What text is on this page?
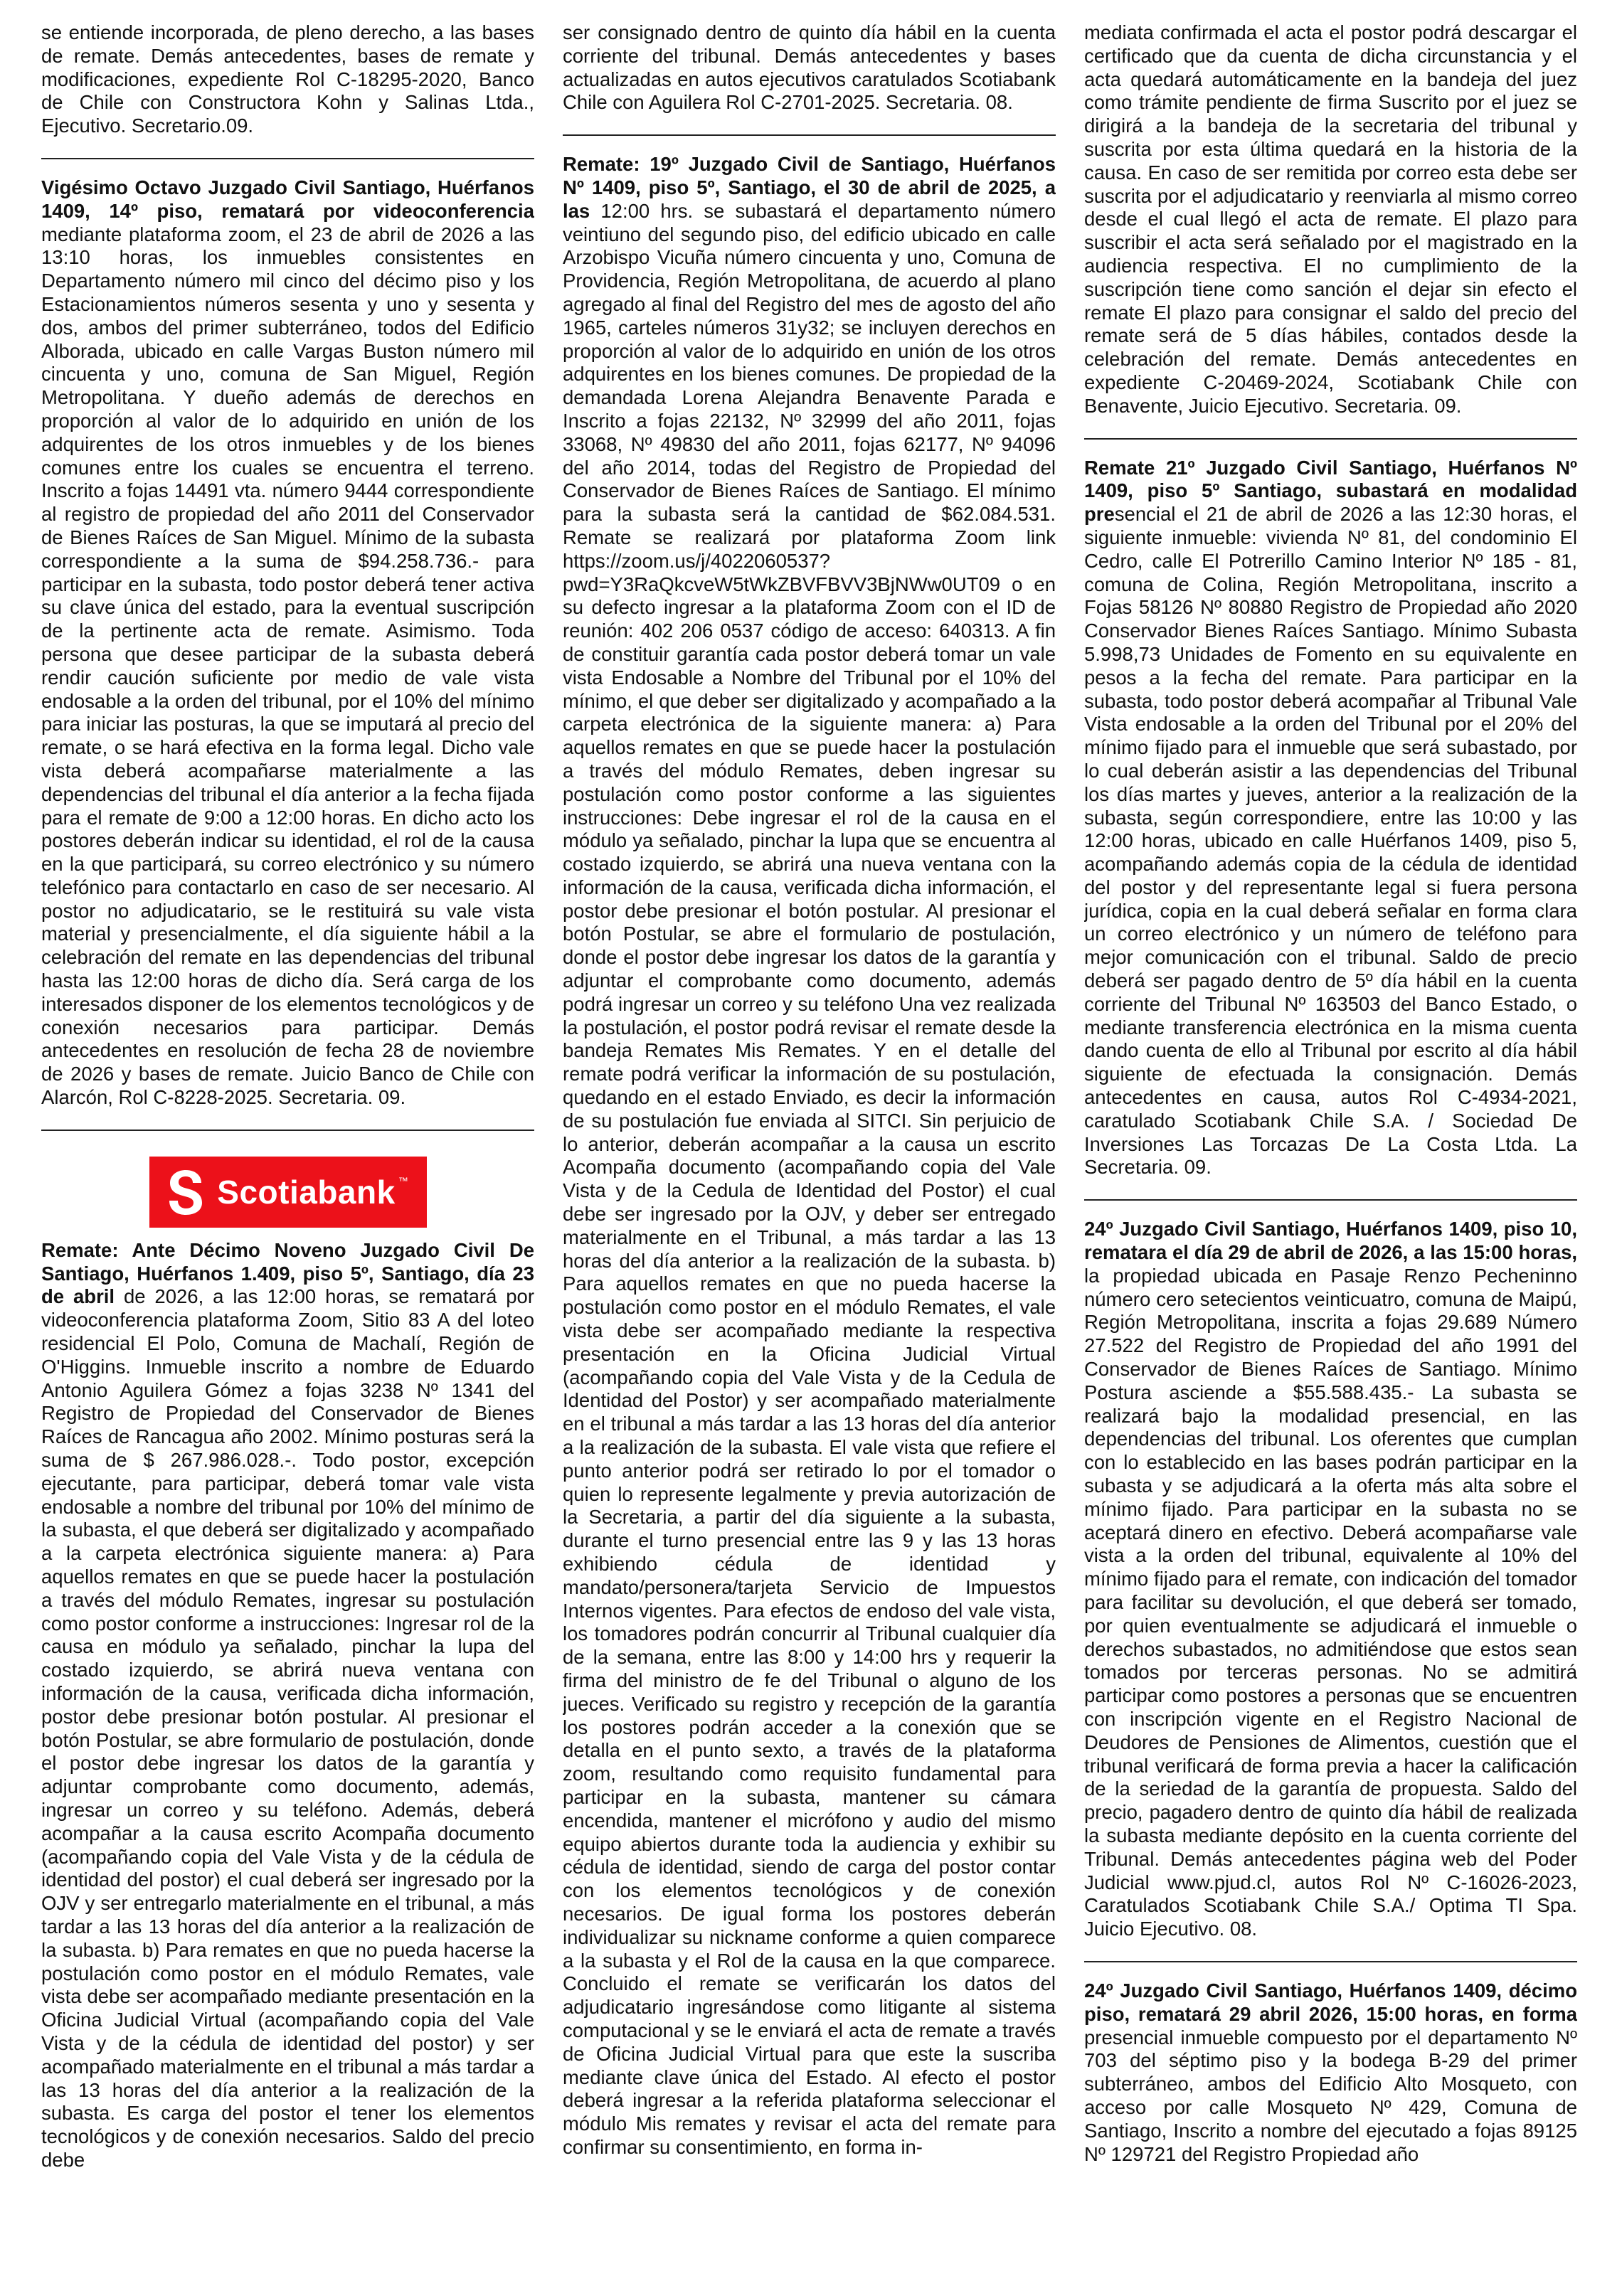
se entiende incorporada, de pleno derecho, a las bases de remate. Demás antecedentes, bases de remate y modificaciones, expediente Rol C-18295-2020, Banco de Chile con Constructora Kohn y Salinas Ltda., Ejecutivo. Secretario.09.

Vigésimo Octavo Juzgado Civil Santiago, Huérfanos 1409, 14º piso, rematará por videoconferencia mediante plataforma zoom, el 23 de abril de 2026 a las 13:10 horas, los inmuebles consistentes en Departamento número mil cinco del décimo piso y los Estacionamientos números sesenta y uno y sesenta y dos, ambos del primer subterráneo, todos del Edificio Alborada, ubicado en calle Vargas Buston número mil cincuenta y uno, comuna de San Miguel, Región Metropolitana. Y dueño además de derechos en proporción al valor de lo adquirido en unión de los adquirentes de los otros inmuebles y de los bienes comunes entre los cuales se encuentra el terreno. Inscrito a fojas 14491 vta. número 9444 correspondiente al registro de propiedad del año 2011 del Conservador de Bienes Raíces de San Miguel. Mínimo de la subasta correspondiente a la suma de $94.258.736.- para participar en la subasta, todo postor deberá tener activa su clave única del estado, para la eventual suscripción de la pertinente acta de remate. Asimismo. Toda persona que desee participar de la subasta deberá rendir caución suficiente por medio de vale vista endosable a la orden del tribunal, por el 10% del mínimo para iniciar las posturas, la que se imputará al precio del remate, o se hará efectiva en la forma legal. Dicho vale vista deberá acompañarse materialmente a las dependencias del tribunal el día anterior a la fecha fijada para el remate de 9:00 a 12:00 horas. En dicho acto los postores deberán indicar su identidad, el rol de la causa en la que participará, su correo electrónico y su número telefónico para contactarlo en caso de ser necesario. Al postor no adjudicatario, se le restituirá su vale vista material y presencialmente, el día siguiente hábil a la celebración del remate en las dependencias del tribunal hasta las 12:00 horas de dicho día. Será carga de los interesados disponer de los elementos tecnológicos y de conexión necesarios para participar. Demás antecedentes en resolución de fecha 28 de noviembre de 2026 y bases de remate. Juicio Banco de Chile con Alarcón, Rol C-8228-2025. Secretaria. 09.

Scotiabank ™

Remate: Ante Décimo Noveno Juzgado Civil De Santiago, Huérfanos 1.409, piso 5º, Santiago, día 23 de abril de 2026, a las 12:00 horas, se rematará por videoconferencia plataforma Zoom, Sitio 83 A del loteo residencial El Polo, Comuna de Machalí, Región de O'Higgins. Inmueble inscrito a nombre de Eduardo Antonio Aguilera Gómez a fojas 3238 Nº 1341 del Registro de Propiedad del Conservador de Bienes Raíces de Rancagua año 2002. Mínimo posturas será la suma de $ 267.986.028.-. Todo postor, excepción ejecutante, para participar, deberá tomar vale vista endosable a nombre del tribunal por 10% del mínimo de la subasta, el que deberá ser digitalizado y acompañado a la carpeta electrónica siguiente manera: a) Para aquellos remates en que se puede hacer la postulación a través del módulo Remates, ingresar su postulación como postor conforme a instrucciones: Ingresar rol de la causa en módulo ya señalado, pinchar la lupa del costado izquierdo, se abrirá nueva ventana con información de la causa, verificada dicha información, postor debe presionar botón postular. Al presionar el botón Postular, se abre formulario de postulación, donde el postor debe ingresar los datos de la garantía y adjuntar comprobante como documento, además, ingresar un correo y su teléfono. Además, deberá acompañar a la causa escrito Acompaña documento (acompañando copia del Vale Vista y de la cédula de identidad del postor) el cual deberá ser ingresado por la OJV y ser entregarlo materialmente en el tribunal, a más tardar a las 13 horas del día anterior a la realización de la subasta. b) Para remates en que no pueda hacerse la postulación como postor en el módulo Remates, vale vista debe ser acompañado mediante presentación en la Oficina Judicial Virtual (acompañando copia del Vale Vista y de la cédula de identidad del postor) y ser acompañado materialmente en el tribunal a más tardar a las 13 horas del día anterior a la realización de la subasta. Es carga del postor el tener los elementos tecnológicos y de conexión necesarios. Saldo del precio debe

ser consignado dentro de quinto día hábil en la cuenta corriente del tribunal. Demás antecedentes y bases actualizadas en autos ejecutivos caratulados Scotiabank Chile con Aguilera Rol C-2701-2025. Secretaria. 08.

Remate: 19º Juzgado Civil de Santiago, Huérfanos Nº 1409, piso 5º, Santiago, el 30 de abril de 2025, a las 12:00 hrs. se subastará el departamento número veintiuno del segundo piso, del edificio ubicado en calle Arzobispo Vicuña número cincuenta y uno, Comuna de Providencia, Región Metropolitana, de acuerdo al plano agregado al final del Registro del mes de agosto del año 1965, carteles números 31y32; se incluyen derechos en proporción al valor de lo adquirido en unión de los otros adquirentes en los bienes comunes. De propiedad de la demandada Lorena Alejandra Benavente Parada e Inscrito a fojas 22132, Nº 32999 del año 2011, fojas 33068, Nº 49830 del año 2011, fojas 62177, Nº 94096 del año 2014, todas del Registro de Propiedad del Conservador de Bienes Raíces de Santiago. El mínimo para la subasta será la cantidad de $62.084.531. Remate se realizará por plataforma Zoom link https://zoom.us/j/4022060537?pwd=Y3RaQkcveW5tWkZBVFBVV3BjNWw0UT09 o en su defecto ingresar a la plataforma Zoom con el ID de reunión: 402 206 0537 código de acceso: 640313. A fin de constituir garantía cada postor deberá tomar un vale vista Endosable a Nombre del Tribunal por el 10% del mínimo, el que deber ser digitalizado y acompañado a la carpeta electrónica de la siguiente manera: a) Para aquellos remates en que se puede hacer la postulación a través del módulo Remates, deben ingresar su postulación como postor conforme a las siguientes instrucciones: Debe ingresar el rol de la causa en el módulo ya señalado, pinchar la lupa que se encuentra al costado izquierdo, se abrirá una nueva ventana con la información de la causa, verificada dicha información, el postor debe presionar el botón postular. Al presionar el botón Postular, se abre el formulario de postulación, donde el postor debe ingresar los datos de la garantía y adjuntar el comprobante como documento, además podrá ingresar un correo y su teléfono Una vez realizada la postulación, el postor podrá revisar el remate desde la bandeja Remates Mis Remates. Y en el detalle del remate podrá verificar la información de su postulación, quedando en el estado Enviado, es decir la información de su postulación fue enviada al SITCI. Sin perjuicio de lo anterior, deberán acompañar a la causa un escrito Acompaña documento (acompañando copia del Vale Vista y de la Cedula de Identidad del Postor) el cual debe ser ingresado por la OJV, y deber ser entregado materialmente en el Tribunal, a más tardar a las 13 horas del día anterior a la realización de la subasta. b) Para aquellos remates en que no pueda hacerse la postulación como postor en el módulo Remates, el vale vista debe ser acompañado mediante la respectiva presentación en la Oficina Judicial Virtual (acompañando copia del Vale Vista y de la Cedula de Identidad del Postor) y ser acompañado materialmente en el tribunal a más tardar a las 13 horas del día anterior a la realización de la subasta. El vale vista que refiere el punto anterior podrá ser retirado lo por el tomador o quien lo represente legalmente y previa autorización de la Secretaria, a partir del día siguiente a la subasta, durante el turno presencial entre las 9 y las 13 horas exhibiendo cédula de identidad y mandato/personera/tarjeta Servicio de Impuestos Internos vigentes. Para efectos de endoso del vale vista, los tomadores podrán concurrir al Tribunal cualquier día de la semana, entre las 8:00 y 14:00 hrs y requerir la firma del ministro de fe del Tribunal o alguno de los jueces. Verificado su registro y recepción de la garantía los postores podrán acceder a la conexión que se detalla en el punto sexto, a través de la plataforma zoom, resultando como requisito fundamental para participar en la subasta, mantener su cámara encendida, mantener el micrófono y audio del mismo equipo abiertos durante toda la audiencia y exhibir su cédula de identidad, siendo de carga del postor contar con los elementos tecnológicos y de conexión necesarios. De igual forma los postores deberán individualizar su nickname conforme a quien comparece a la subasta y el Rol de la causa en la que comparece. Concluido el remate se verificarán los datos del adjudicatario ingresándose como litigante al sistema computacional y se le enviará el acta de remate a través de Oficina Judicial Virtual para que este la suscriba mediante clave única del Estado. Al efecto el postor deberá ingresar a la referida plataforma seleccionar el módulo Mis remates y revisar el acta del remate para confirmar su consentimiento, en forma in-

mediata confirmada el acta el postor podrá descargar el certificado que da cuenta de dicha circunstancia y el acta quedará automáticamente en la bandeja del juez como trámite pendiente de firma Suscrito por el juez se dirigirá a la bandeja de la secretaria del tribunal y suscrita por esta última quedará en la historia de la causa. En caso de ser remitida por correo esta debe ser suscrita por el adjudicatario y reenviarla al mismo correo desde el cual llegó el acta de remate. El plazo para suscribir el acta será señalado por el magistrado en la audiencia respectiva. El no cumplimiento de la suscripción tiene como sanción el dejar sin efecto el remate El plazo para consignar el saldo del precio del remate será de 5 días hábiles, contados desde la celebración del remate. Demás antecedentes en expediente C-20469-2024, Scotiabank Chile con Benavente, Juicio Ejecutivo. Secretaria. 09.

Remate 21º Juzgado Civil Santiago, Huérfanos Nº 1409, piso 5º Santiago, subastará en modalidad presencial el 21 de abril de 2026 a las 12:30 horas, el siguiente inmueble: vivienda Nº 81, del condominio El Cedro, calle El Potrerillo Camino Interior Nº 185 - 81, comuna de Colina, Región Metropolitana, inscrito a Fojas 58126 Nº 80880 Registro de Propiedad año 2020 Conservador Bienes Raíces Santiago. Mínimo Subasta 5.998,73 Unidades de Fomento en su equivalente en pesos a la fecha del remate. Para participar en la subasta, todo postor deberá acompañar al Tribunal Vale Vista endosable a la orden del Tribunal por el 20% del mínimo fijado para el inmueble que será subastado, por lo cual deberán asistir a las dependencias del Tribunal los días martes y jueves, anterior a la realización de la subasta, según correspondiere, entre las 10:00 y las 12:00 horas, ubicado en calle Huérfanos 1409, piso 5, acompañando además copia de la cédula de identidad del postor y del representante legal si fuera persona jurídica, copia en la cual deberá señalar en forma clara un correo electrónico y un número de teléfono para mejor comunicación con el tribunal. Saldo de precio deberá ser pagado dentro de 5º día hábil en la cuenta corriente del Tribunal Nº 163503 del Banco Estado, o mediante transferencia electrónica en la misma cuenta dando cuenta de ello al Tribunal por escrito al día hábil siguiente de efectuada la consignación. Demás antecedentes en causa, autos Rol C-4934-2021, caratulado Scotiabank Chile S.A. / Sociedad De Inversiones Las Torcazas De La Costa Ltda. La Secretaria. 09.

24º Juzgado Civil Santiago, Huérfanos 1409, piso 10, rematara el día 29 de abril de 2026, a las 15:00 horas, la propiedad ubicada en Pasaje Renzo Pecheninno número cero setecientos veinticuatro, comuna de Maipú, Región Metropolitana, inscrita a fojas 29.689 Número 27.522 del Registro de Propiedad del año 1991 del Conservador de Bienes Raíces de Santiago. Mínimo Postura asciende a $55.588.435.- La subasta se realizará bajo la modalidad presencial, en las dependencias del tribunal. Los oferentes que cumplan con lo establecido en las bases podrán participar en la subasta y se adjudicará a la oferta más alta sobre el mínimo fijado. Para participar en la subasta no se aceptará dinero en efectivo. Deberá acompañarse vale vista a la orden del tribunal, equivalente al 10% del mínimo fijado para el remate, con indicación del tomador para facilitar su devolución, el que deberá ser tomado, por quien eventualmente se adjudicará el inmueble o derechos subastados, no admitiéndose que estos sean tomados por terceras personas. No se admitirá participar como postores a personas que se encuentren con inscripción vigente en el Registro Nacional de Deudores de Pensiones de Alimentos, cuestión que el tribunal verificará de forma previa a hacer la calificación de la seriedad de la garantía de propuesta. Saldo del precio, pagadero dentro de quinto día hábil de realizada la subasta mediante depósito en la cuenta corriente del Tribunal. Demás antecedentes página web del Poder Judicial www.pjud.cl, autos Rol Nº C-16026-2023, Caratulados Scotiabank Chile S.A./ Optima TI Spa. Juicio Ejecutivo. 08.

24º Juzgado Civil Santiago, Huérfanos 1409, décimo piso, rematará 29 abril 2026, 15:00 horas, en forma presencial inmueble compuesto por el departamento Nº 703 del séptimo piso y la bodega B-29 del primer subterráneo, ambos del Edificio Alto Mosqueto, con acceso por calle Mosqueto Nº 429, Comuna de Santiago, Inscrito a nombre del ejecutado a fojas 89125 Nº 129721 del Registro Propiedad año
